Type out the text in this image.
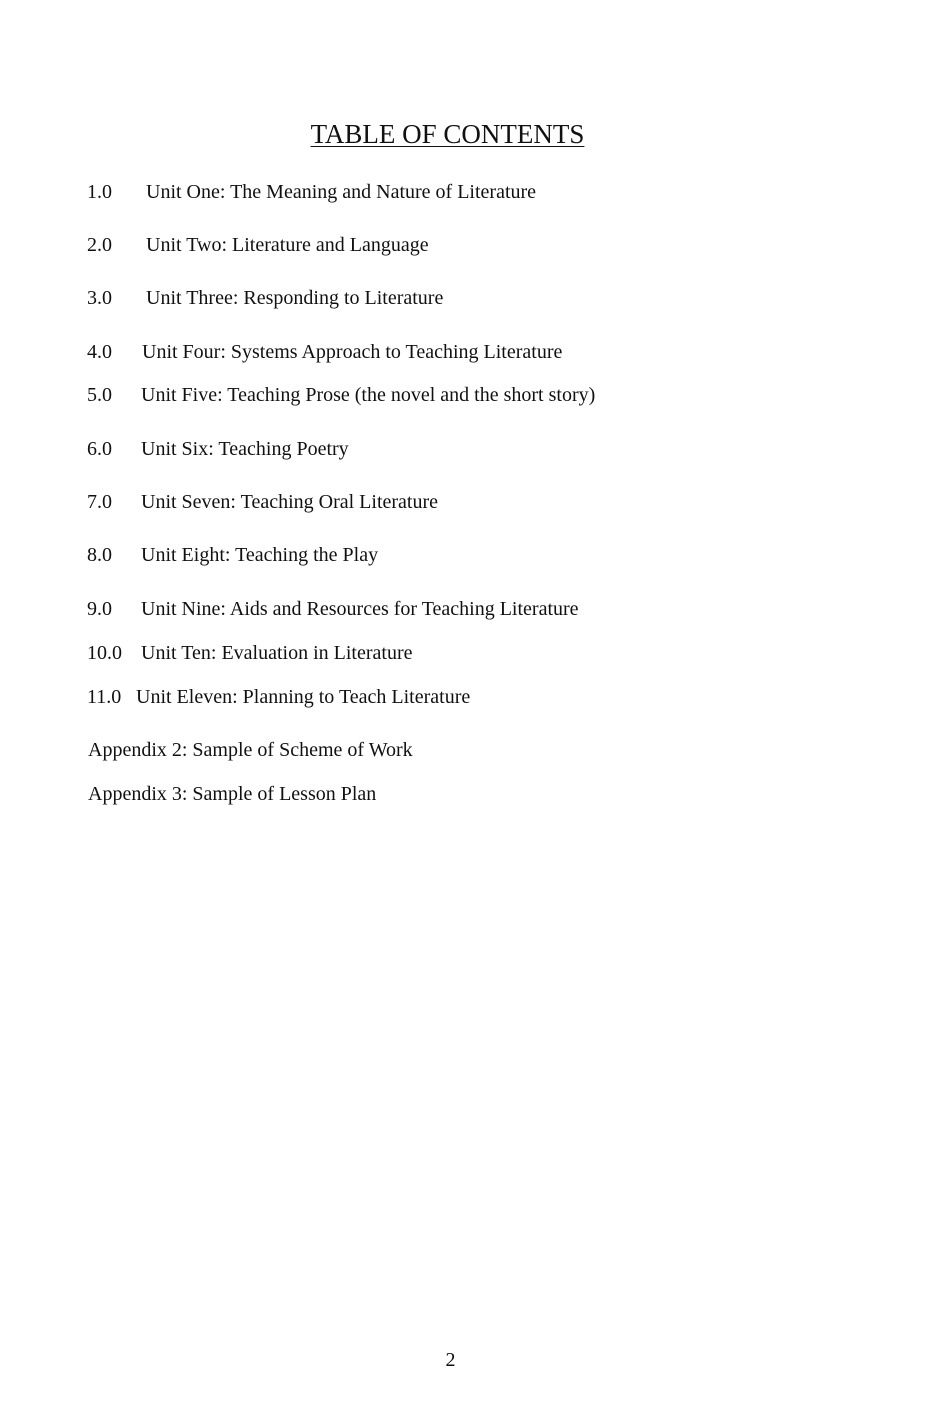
TABLE OF CONTENTS
1.0 Unit One: The Meaning and Nature of Literature
2.0 Unit Two: Literature and Language
3.0 Unit Three: Responding to Literature
4.0 Unit Four: Systems Approach to Teaching Literature
5.0 Unit Five: Teaching Prose (the novel and the short story)
6.0 Unit Six: Teaching Poetry
7.0 Unit Seven: Teaching Oral Literature
8.0 Unit Eight: Teaching the Play
9.0 Unit Nine: Aids and Resources for Teaching Literature
10.0 Unit Ten: Evaluation in Literature
11.0 Unit Eleven: Planning to Teach Literature
Appendix 2: Sample of Scheme of Work
Appendix 3: Sample of Lesson Plan
2
